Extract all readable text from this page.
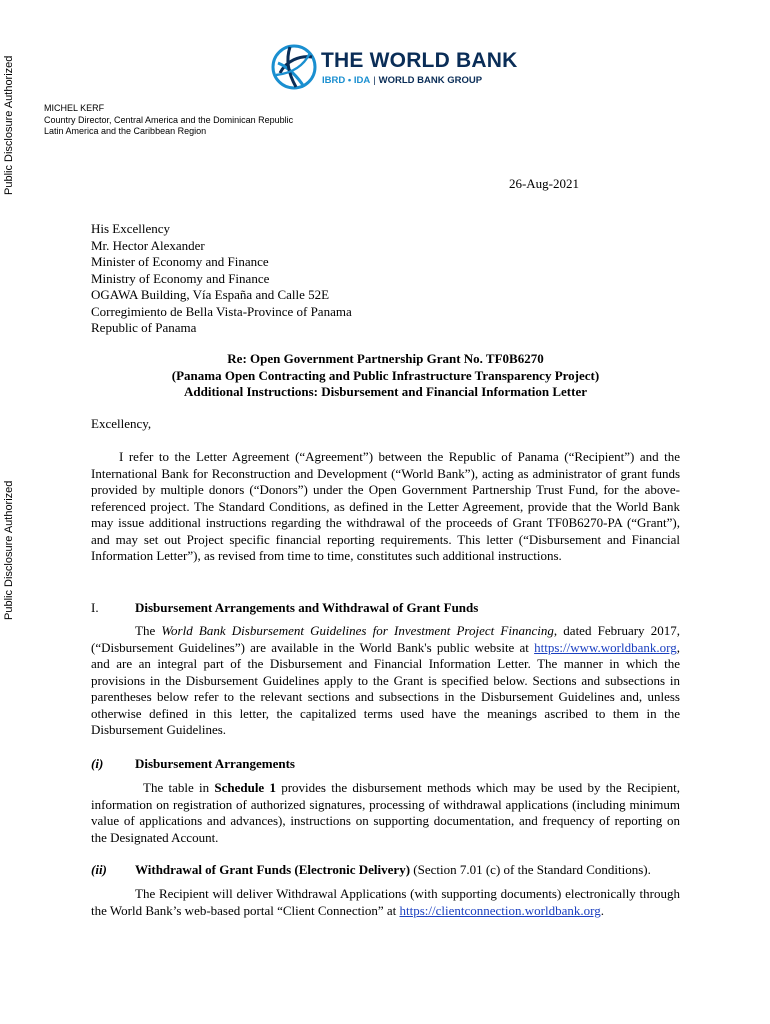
Public Disclosure Authorized
Public Disclosure Authorized
THE WORLD BANK
IBRD • IDA | WORLD BANK GROUP
MICHEL KERF
Country Director, Central America and the Dominican Republic
Latin America and the Caribbean Region
26-Aug-2021
His Excellency
Mr. Hector Alexander
Minister of Economy and Finance
Ministry of Economy and Finance
OGAWA Building, Vía España and Calle 52E
Corregimiento de Bella Vista-Province of Panama
Republic of Panama
Re: Open Government Partnership Grant No. TF0B6270
(Panama Open Contracting and Public Infrastructure Transparency Project)
Additional Instructions: Disbursement and Financial Information Letter
Excellency,
I refer to the Letter Agreement (“Agreement”) between the Republic of Panama (“Recipient”) and the International Bank for Reconstruction and Development (“World Bank”), acting as administrator of grant funds provided by multiple donors (“Donors”) under the Open Government Partnership Trust Fund, for the above-referenced project. The Standard Conditions, as defined in the Letter Agreement, provide that the World Bank may issue additional instructions regarding the withdrawal of the proceeds of Grant TF0B6270-PA (“Grant”), and may set out Project specific financial reporting requirements. This letter (“Disbursement and Financial Information Letter”), as revised from time to time, constitutes such additional instructions.
I.	Disbursement Arrangements and Withdrawal of Grant Funds
The World Bank Disbursement Guidelines for Investment Project Financing, dated February 2017, (“Disbursement Guidelines”) are available in the World Bank's public website at https://www.worldbank.org, and are an integral part of the Disbursement and Financial Information Letter. The manner in which the provisions in the Disbursement Guidelines apply to the Grant is specified below. Sections and subsections in parentheses below refer to the relevant sections and subsections in the Disbursement Guidelines and, unless otherwise defined in this letter, the capitalized terms used have the meanings ascribed to them in the Disbursement Guidelines.
(i) Disbursement Arrangements
The table in Schedule 1 provides the disbursement methods which may be used by the Recipient, information on registration of authorized signatures, processing of withdrawal applications (including minimum value of applications and advances), instructions on supporting documentation, and frequency of reporting on the Designated Account.
(ii) Withdrawal of Grant Funds (Electronic Delivery) (Section 7.01 (c) of the Standard Conditions).
The Recipient will deliver Withdrawal Applications (with supporting documents) electronically through the World Bank’s web-based portal “Client Connection” at https://clientconnection.worldbank.org.
